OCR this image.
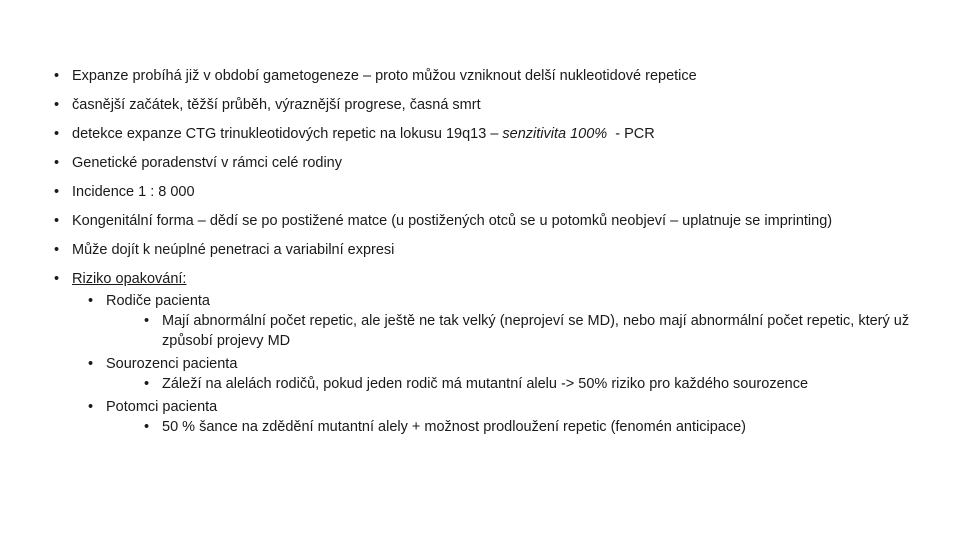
• Expanze probíhá již v období gametogeneze – proto můžou vzniknout delší nukleotidové repetice
• časnější začátek, těžší průběh, výraznější progrese, časná smrt
• detekce expanze CTG trinukleotidových repetic na lokusu 19q13 – senzitivita 100%  - PCR
• Genetické poradenství v rámci celé rodiny
• Incidence 1 : 8 000
• Kongenitální forma – dědí se po postižené matce (u postižených otců se u potomků neobjeví – uplatnuje se imprinting)
• Může dojít k neúplné penetraci a variabilní expresi
• Riziko opakování:
• Rodiče pacienta
• Mají abnormální počet repetic, ale ještě ne tak velký (neprojeví se MD), nebo mají abnormální počet repetic, který už způsobí projevy MD
• Sourozenci pacienta
• Záleží na alelách rodičů, pokud jeden rodič má mutantní alelu -> 50% riziko pro každého sourozence
• Potomci pacienta
• 50 % šance na zdědění mutantní alely + možnost prodloužení repetic (fenomén anticipace)
